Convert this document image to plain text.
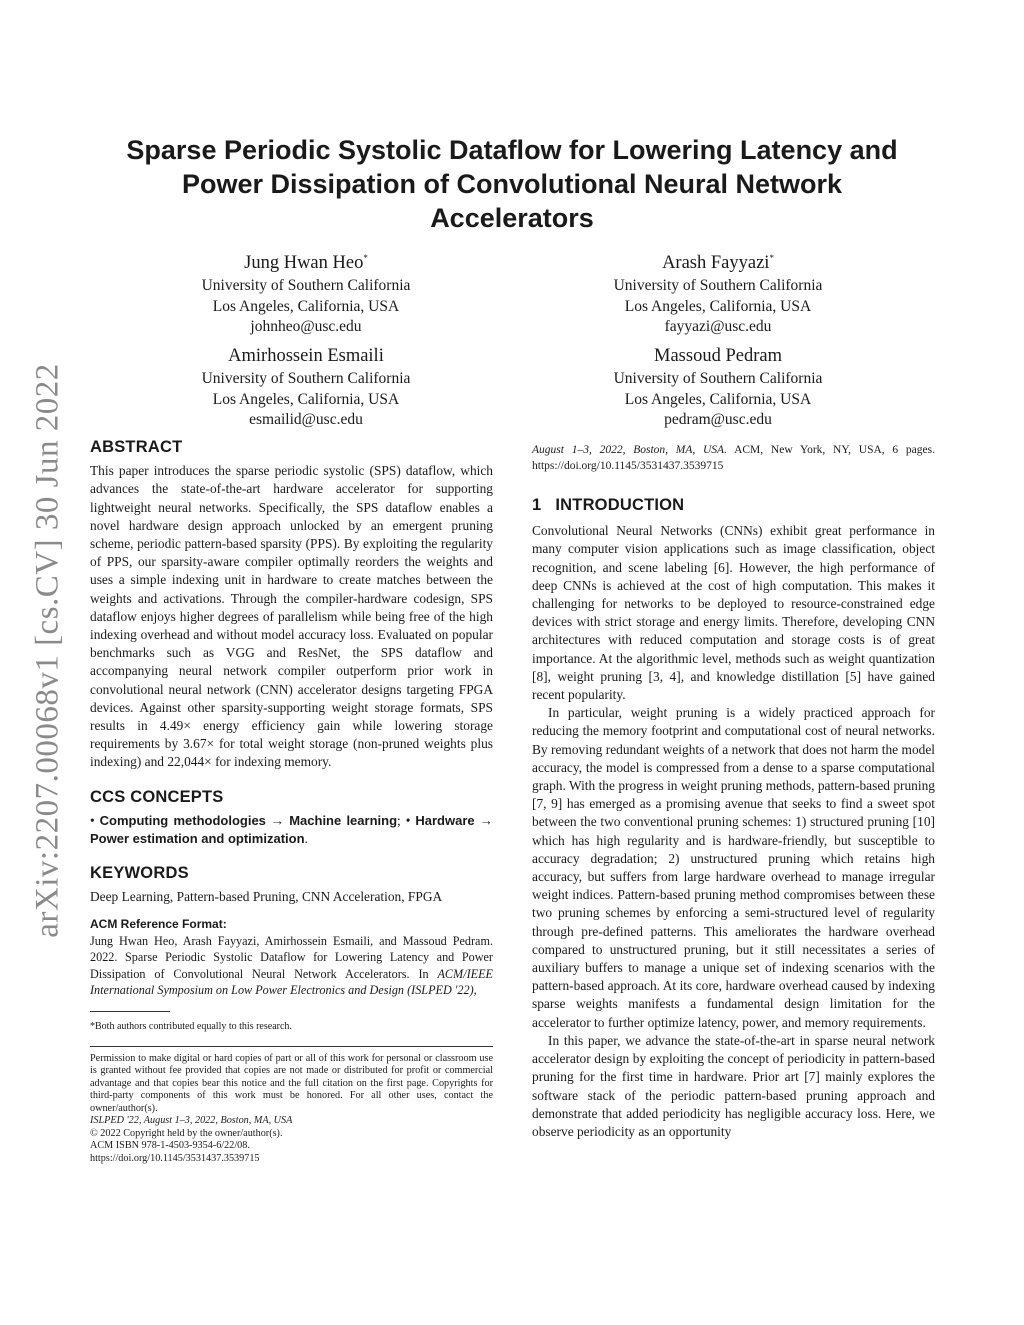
arXiv:2207.00068v1 [cs.CV] 30 Jun 2022
Sparse Periodic Systolic Dataflow for Lowering Latency and Power Dissipation of Convolutional Neural Network Accelerators
Jung Hwan Heo*
University of Southern California
Los Angeles, California, USA
johnheo@usc.edu
Arash Fayyazi*
University of Southern California
Los Angeles, California, USA
fayyazi@usc.edu
Amirhossein Esmaili
University of Southern California
Los Angeles, California, USA
esmailid@usc.edu
Massoud Pedram
University of Southern California
Los Angeles, California, USA
pedram@usc.edu
ABSTRACT

This paper introduces the sparse periodic systolic (SPS) dataflow, which advances the state-of-the-art hardware accelerator for supporting lightweight neural networks. Specifically, the SPS dataflow enables a novel hardware design approach unlocked by an emergent pruning scheme, periodic pattern-based sparsity (PPS). By exploiting the regularity of PPS, our sparsity-aware compiler optimally reorders the weights and uses a simple indexing unit in hardware to create matches between the weights and activations. Through the compiler-hardware codesign, SPS dataflow enjoys higher degrees of parallelism while being free of the high indexing overhead and without model accuracy loss. Evaluated on popular benchmarks such as VGG and ResNet, the SPS dataflow and accompanying neural network compiler outperform prior work in convolutional neural network (CNN) accelerator designs targeting FPGA devices. Against other sparsity-supporting weight storage formats, SPS results in 4.49× energy efficiency gain while lowering storage requirements by 3.67× for total weight storage (non-pruned weights plus indexing) and 22,044× for indexing memory.

CCS CONCEPTS

• Computing methodologies → Machine learning; • Hardware → Power estimation and optimization.

KEYWORDS

Deep Learning, Pattern-based Pruning, CNN Acceleration, FPGA

ACM Reference Format:

Jung Hwan Heo, Arash Fayyazi, Amirhossein Esmaili, and Massoud Pedram. 2022. Sparse Periodic Systolic Dataflow for Lowering Latency and Power Dissipation of Convolutional Neural Network Accelerators. In ACM/IEEE International Symposium on Low Power Electronics and Design (ISLPED '22),

*Both authors contributed equally to this research.
Permission to make digital or hard copies of part or all of this work for personal or classroom use is granted without fee provided that copies are not made or distributed for profit or commercial advantage and that copies bear this notice and the full citation on the first page. Copyrights for third-party components of this work must be honored. For all other uses, contact the owner/author(s).
ISLPED '22, August 1–3, 2022, Boston, MA, USA
© 2022 Copyright held by the owner/author(s).
ACM ISBN 978-1-4503-9354-6/22/08.
https://doi.org/10.1145/3531437.3539715

August 1–3, 2022, Boston, MA, USA. ACM, New York, NY, USA, 6 pages. https://doi.org/10.1145/3531437.3539715

1 INTRODUCTION

Convolutional Neural Networks (CNNs) exhibit great performance in many computer vision applications such as image classification, object recognition, and scene labeling [6]. However, the high performance of deep CNNs is achieved at the cost of high computation. This makes it challenging for networks to be deployed to resource-constrained edge devices with strict storage and energy limits. Therefore, developing CNN architectures with reduced computation and storage costs is of great importance. At the algorithmic level, methods such as weight quantization [8], weight pruning [3, 4], and knowledge distillation [5] have gained recent popularity.

In particular, weight pruning is a widely practiced approach for reducing the memory footprint and computational cost of neural networks. By removing redundant weights of a network that does not harm the model accuracy, the model is compressed from a dense to a sparse computational graph. With the progress in weight pruning methods, pattern-based pruning [7, 9] has emerged as a promising avenue that seeks to find a sweet spot between the two conventional pruning schemes: 1) structured pruning [10] which has high regularity and is hardware-friendly, but susceptible to accuracy degradation; 2) unstructured pruning which retains high accuracy, but suffers from large hardware overhead to manage irregular weight indices. Pattern-based pruning method compromises between these two pruning schemes by enforcing a semi-structured level of regularity through pre-defined patterns. This ameliorates the hardware overhead compared to unstructured pruning, but it still necessitates a series of auxiliary buffers to manage a unique set of indexing scenarios with the pattern-based approach. At its core, hardware overhead caused by indexing sparse weights manifests a fundamental design limitation for the accelerator to further optimize latency, power, and memory requirements.

In this paper, we advance the state-of-the-art in sparse neural network accelerator design by exploiting the concept of periodicity in pattern-based pruning for the first time in hardware. Prior art [7] mainly explores the software stack of the periodic pattern-based pruning approach and demonstrate that added periodicity has negligible accuracy loss. Here, we observe periodicity as an opportunity
